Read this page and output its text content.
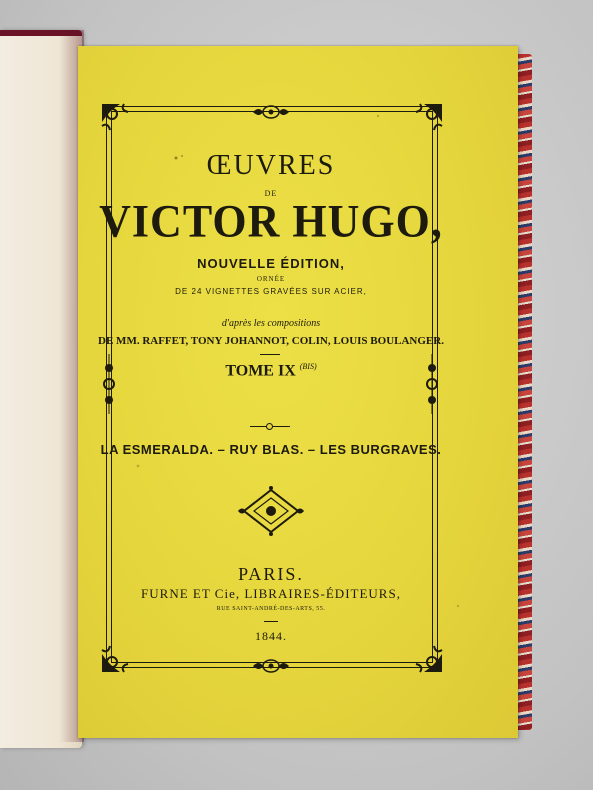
ŒUVRES
DE
VICTOR HUGO,
NOUVELLE ÉDITION,
ORNÉE
DE 24 VIGNETTES GRAVÉES SUR ACIER,
d'après les compositions
DE MM. RAFFET, TONY JOHANNOT, COLIN, LOUIS BOULANGER.
TOME IX $^{(BIS)}$
LA ESMERALDA. – RUY BLAS. – LES BURGRAVES.
PARIS.
FURNE ET Cie, LIBRAIRES-ÉDITEURS,
RUE SAINT-ANDRÉ-DES-ARTS, 55.
1844.
